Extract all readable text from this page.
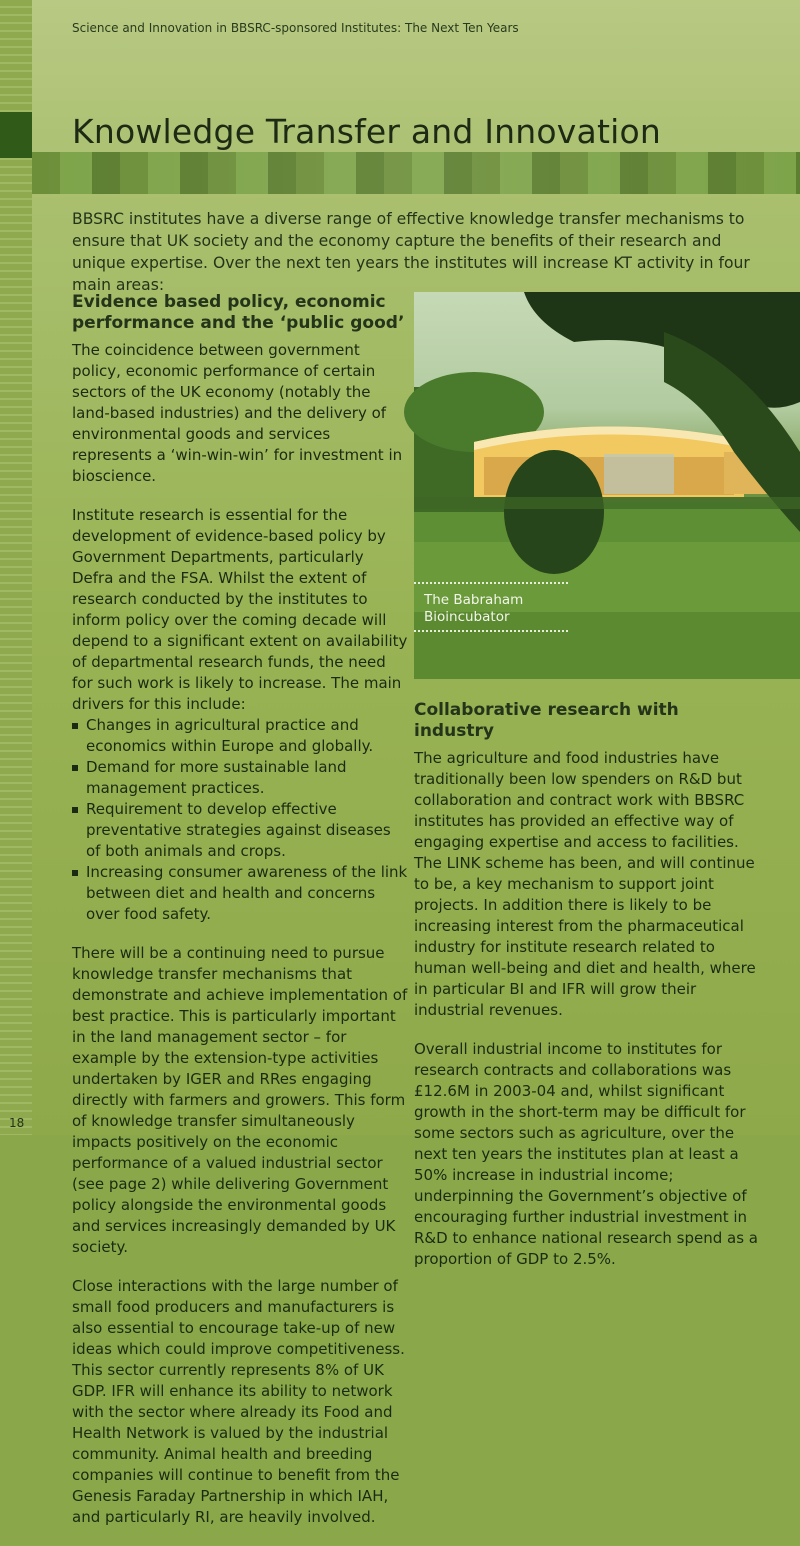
Science and Innovation in BBSRC-sponsored Institutes: The Next Ten Years
Knowledge Transfer and Innovation

BBSRC institutes have a diverse range of effective knowledge transfer mechanisms to ensure that UK society and the economy capture the benefits of their research and unique expertise. Over the next ten years the institutes will increase KT activity in four main areas:

Evidence based policy, economic performance and the ‘public good’

The coincidence between government policy, economic performance of certain sectors of the UK economy (notably the land-based industries) and the delivery of environmental goods and services represents a ‘win-win-win’ for investment in bioscience.

Institute research is essential for the development of evidence-based policy by Government Departments, particularly Defra and the FSA. Whilst the extent of research conducted by the institutes to inform policy over the coming decade will depend to a significant extent on availability of departmental research funds, the need for such work is likely to increase. The main drivers for this include:

Changes in agricultural practice and economics within Europe and globally.
Demand for more sustainable land management practices.
Requirement to develop effective preventative strategies against diseases of both animals and crops.
Increasing consumer awareness of the link between diet and health and concerns over food safety.

There will be a continuing need to pursue knowledge transfer mechanisms that demonstrate and achieve implementation of best practice. This is particularly important in the land management sector – for example by the extension-type activities undertaken by IGER and RRes engaging directly with farmers and growers. This form of knowledge transfer simultaneously impacts positively on the economic performance of a valued industrial sector (see page 2) while delivering Government policy alongside the environmental goods and services increasingly demanded by UK society.

Close interactions with the large number of small food producers and manufacturers is also essential to encourage take-up of new ideas which could improve competitiveness. This sector currently represents 8% of UK GDP. IFR will enhance its ability to network with the sector where already its Food and Health Network is valued by the industrial community. Animal health and breeding companies will continue to benefit from the Genesis Faraday Partnership in which IAH, and particularly RI, are heavily involved.

The Babraham
Bioincubator
Collaborative research with industry

The agriculture and food industries have traditionally been low spenders on R&D but collaboration and contract work with BBSRC institutes has provided an effective way of engaging expertise and access to facilities. The LINK scheme has been, and will continue to be, a key mechanism to support joint projects. In addition there is likely to be increasing interest from the pharmaceutical industry for institute research related to human well-being and diet and health, where in particular BI and IFR will grow their industrial revenues.

Overall industrial income to institutes for research contracts and collaborations was £12.6M in 2003-04 and, whilst significant growth in the short-term may be difficult for some sectors such as agriculture, over the next ten years the institutes plan at least a 50% increase in industrial income; underpinning the Government’s objective of encouraging further industrial investment in R&D to enhance national research spend as a proportion of GDP to 2.5%.

18
